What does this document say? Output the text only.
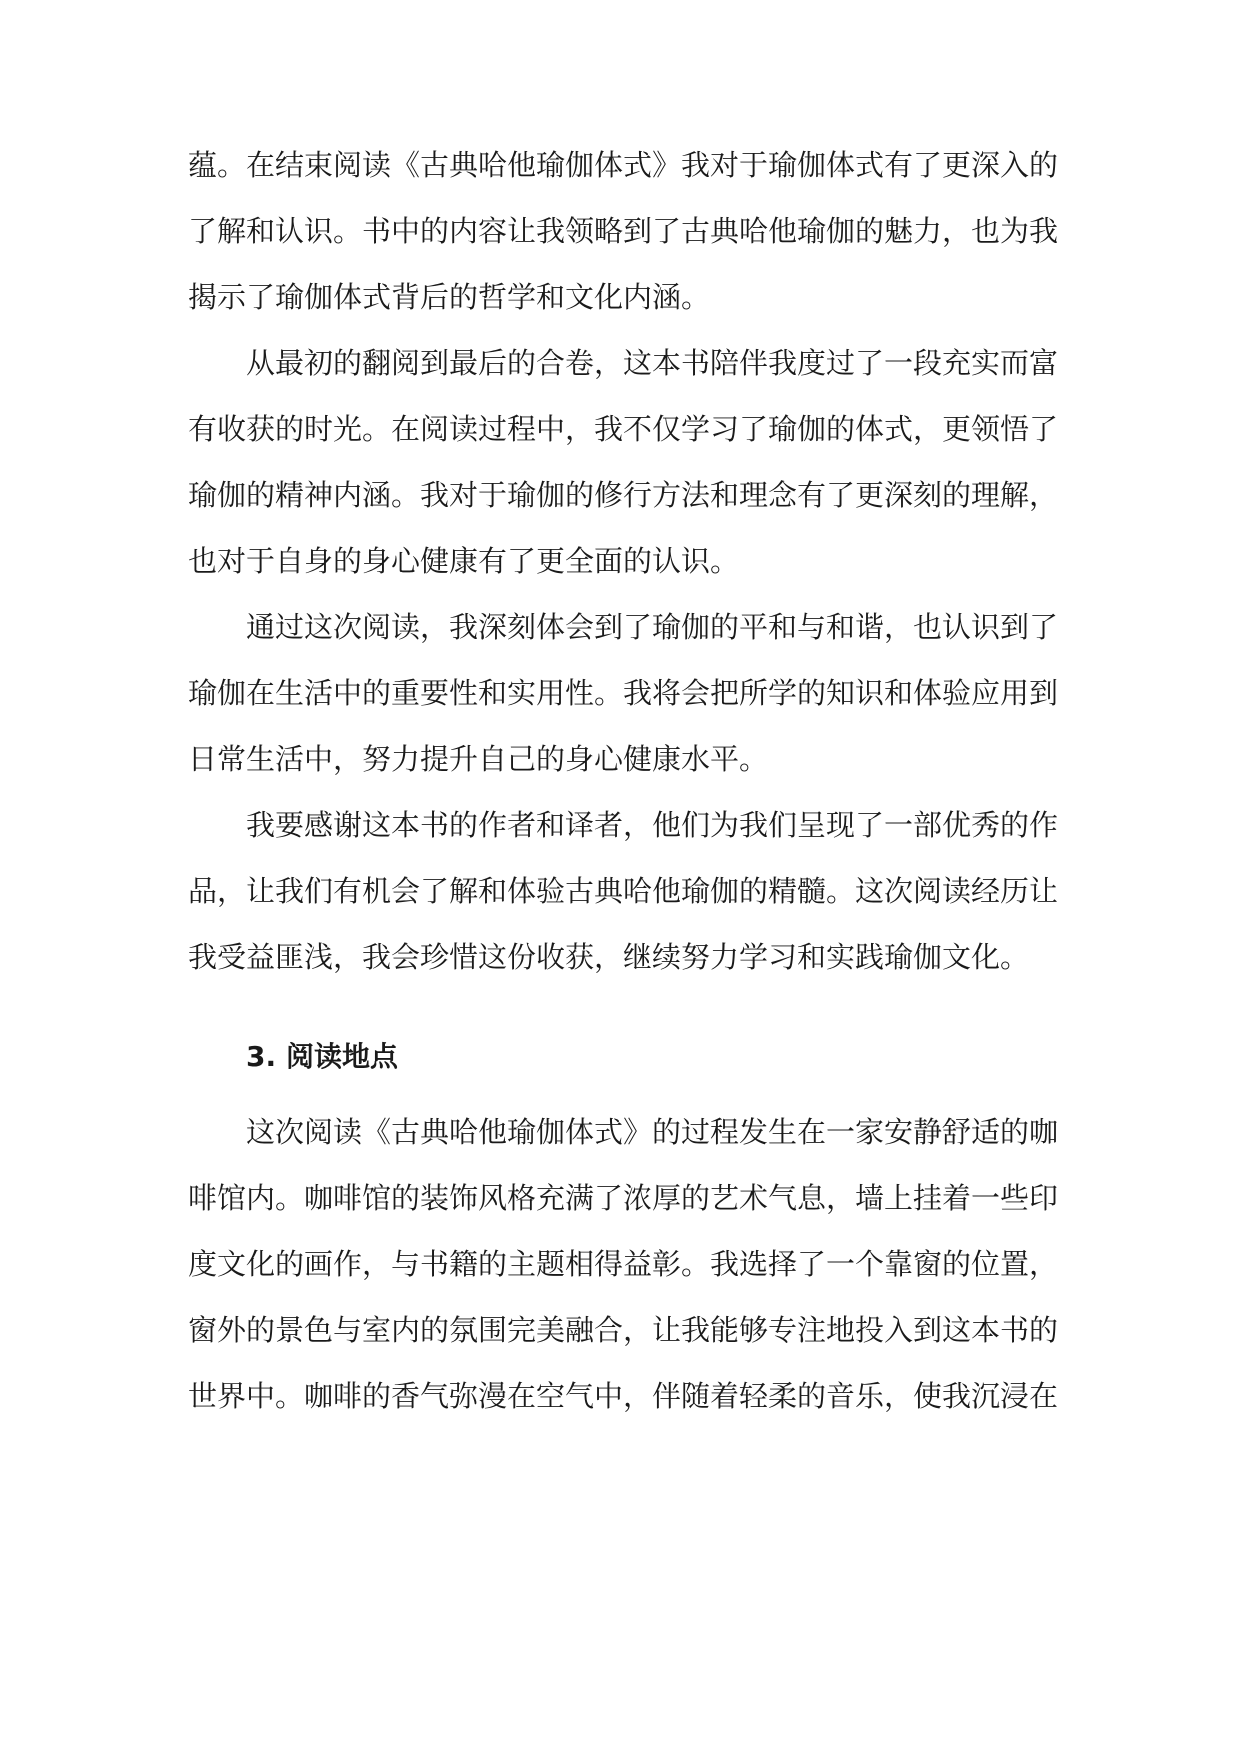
蕴。在结束阅读《古典哈他瑜伽体式》我对于瑜伽体式有了更深入的
了解和认识。书中的内容让我领略到了古典哈他瑜伽的魅力，也为我
揭示了瑜伽体式背后的哲学和文化内涵。
从最初的翻阅到最后的合卷，这本书陪伴我度过了一段充实而富
有收获的时光。在阅读过程中，我不仅学习了瑜伽的体式，更领悟了
瑜伽的精神内涵。我对于瑜伽的修行方法和理念有了更深刻的理解，
也对于自身的身心健康有了更全面的认识。
通过这次阅读，我深刻体会到了瑜伽的平和与和谐，也认识到了
瑜伽在生活中的重要性和实用性。我将会把所学的知识和体验应用到
日常生活中，努力提升自己的身心健康水平。
我要感谢这本书的作者和译者，他们为我们呈现了一部优秀的作
品，让我们有机会了解和体验古典哈他瑜伽的精髓。这次阅读经历让
我受益匪浅，我会珍惜这份收获，继续努力学习和实践瑜伽文化。
3. 阅读地点
这次阅读《古典哈他瑜伽体式》的过程发生在一家安静舒适的咖
啡馆内。咖啡馆的装饰风格充满了浓厚的艺术气息，墙上挂着一些印
度文化的画作，与书籍的主题相得益彰。我选择了一个靠窗的位置，
窗外的景色与室内的氛围完美融合，让我能够专注地投入到这本书的
世界中。咖啡的香气弥漫在空气中，伴随着轻柔的音乐，使我沉浸在
